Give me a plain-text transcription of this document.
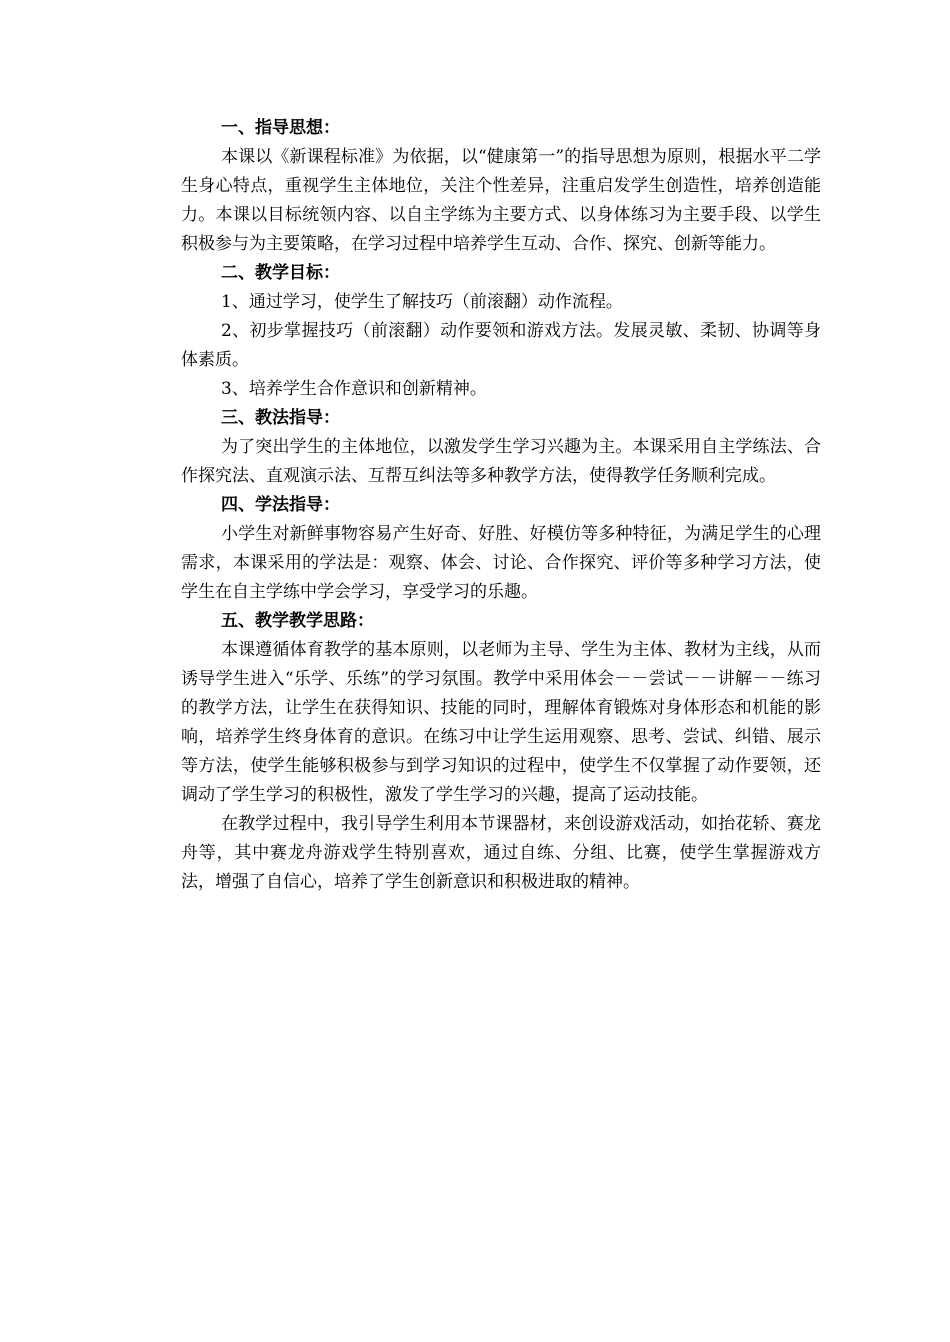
一、指导思想：

本课以《新课程标准》为依据，以“健康第一”的指导思想为原则，根据水平二学生身心特点，重视学生主体地位，关注个性差异，注重启发学生创造性，培养创造能力。本课以目标统领内容、以自主学练为主要方式、以身体练习为主要手段、以学生积极参与为主要策略，在学习过程中培养学生互动、合作、探究、创新等能力。

二、教学目标：

1、通过学习，使学生了解技巧（前滚翻）动作流程。

2、初步掌握技巧（前滚翻）动作要领和游戏方法。发展灵敏、柔韧、协调等身体素质。

3、培养学生合作意识和创新精神。

三、教法指导：

为了突出学生的主体地位，以激发学生学习兴趣为主。本课采用自主学练法、合作探究法、直观演示法、互帮互纠法等多种教学方法，使得教学任务顺利完成。

四、学法指导：

小学生对新鲜事物容易产生好奇、好胜、好模仿等多种特征，为满足学生的心理需求，本课采用的学法是：观察、体会、讨论、合作探究、评价等多种学习方法，使学生在自主学练中学会学习，享受学习的乐趣。

五、教学教学思路：

本课遵循体育教学的基本原则，以老师为主导、学生为主体、教材为主线，从而诱导学生进入“乐学、乐练”的学习氛围。教学中采用体会－－尝试－－讲解－－练习的教学方法，让学生在获得知识、技能的同时，理解体育锻炼对身体形态和机能的影响，培养学生终身体育的意识。在练习中让学生运用观察、思考、尝试、纠错、展示等方法，使学生能够积极参与到学习知识的过程中，使学生不仅掌握了动作要领，还调动了学生学习的积极性，激发了学生学习的兴趣，提高了运动技能。

在教学过程中，我引导学生利用本节课器材，来创设游戏活动，如抬花轿、赛龙舟等，其中赛龙舟游戏学生特别喜欢，通过自练、分组、比赛，使学生掌握游戏方法，增强了自信心，培养了学生创新意识和积极进取的精神。
